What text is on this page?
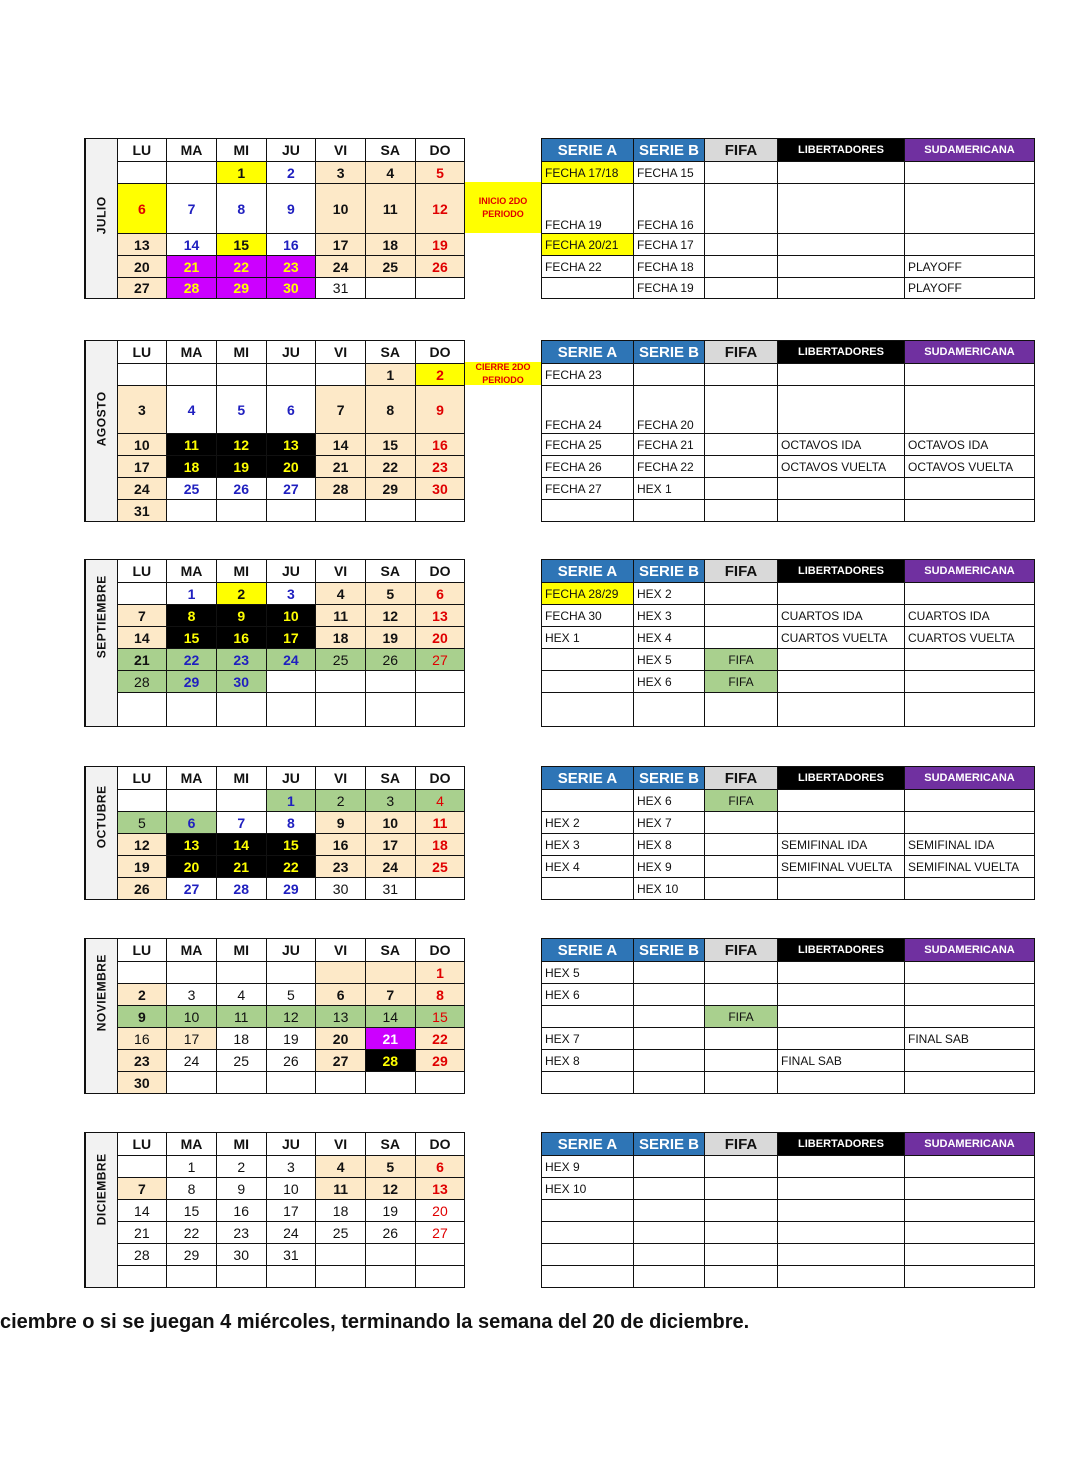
JULIO	LU	MA	MI	JU	VI	SA	DO
			1	2	3	4	5
	6	7	8	9	10	11	12
	13	14	15	16	17	18	19
	20	21	22	23	24	25	26
	27	28	29	30	31		
INICIO 2DO PERIODO
SERIE A	SERIE B	FIFA	LIBERTADORES	SUDAMERICANA
FECHA 17/18	FECHA 15			
FECHA 19	FECHA 16			
FECHA 20/21	FECHA 17			
FECHA 22	FECHA 18			PLAYOFF
	FECHA 19			PLAYOFF
AGOSTO	LU	MA	MI	JU	VI	SA	DO
						1	2
	3	4	5	6	7	8	9
	10	11	12	13	14	15	16
	17	18	19	20	21	22	23
	24	25	26	27	28	29	30
	31						
CIERRE 2DO PERIODO
SERIE A	SERIE B	FIFA	LIBERTADORES	SUDAMERICANA
FECHA 23				
FECHA 24	FECHA 20			
FECHA 25	FECHA 21		OCTAVOS IDA	OCTAVOS IDA
FECHA 26	FECHA 22		OCTAVOS VUELTA	OCTAVOS VUELTA
FECHA 27	HEX 1			

SEPTIEMBRE	LU	MA	MI	JU	VI	SA	DO
		1	2	3	4	5	6
	7	8	9	10	11	12	13
	14	15	16	17	18	19	20
	21	22	23	24	25	26	27
	28	29	30				

SERIE A	SERIE B	FIFA	LIBERTADORES	SUDAMERICANA
FECHA 28/29	HEX 2			
FECHA 30	HEX 3		CUARTOS IDA	CUARTOS IDA
HEX 1	HEX 4		CUARTOS VUELTA	CUARTOS VUELTA
	HEX 5	FIFA		
	HEX 6	FIFA		

OCTUBRE	LU	MA	MI	JU	VI	SA	DO
				1	2	3	4
	5	6	7	8	9	10	11
	12	13	14	15	16	17	18
	19	20	21	22	23	24	25
	26	27	28	29	30	31	
SERIE A	SERIE B	FIFA	LIBERTADORES	SUDAMERICANA
	HEX 6	FIFA		
HEX 2	HEX 7			
HEX 3	HEX 8		SEMIFINAL IDA	SEMIFINAL IDA
HEX 4	HEX 9		SEMIFINAL VUELTA	SEMIFINAL VUELTA
	HEX 10			
NOVIEMBRE	LU	MA	MI	JU	VI	SA	DO
							1
	2	3	4	5	6	7	8
	9	10	11	12	13	14	15
	16	17	18	19	20	21	22
	23	24	25	26	27	28	29
	30						
SERIE A	SERIE B	FIFA	LIBERTADORES	SUDAMERICANA
HEX 5				
HEX 6				
		FIFA		
HEX 7				FINAL SAB
HEX 8			FINAL SAB	

DICIEMBRE	LU	MA	MI	JU	VI	SA	DO
		1	2	3	4	5	6
	7	8	9	10	11	12	13
	14	15	16	17	18	19	20
	21	22	23	24	25	26	27
	28	29	30	31			

SERIE A	SERIE B	FIFA	LIBERTADORES	SUDAMERICANA
HEX 9				
HEX 10				

ciembre o si se juegan 4 miércoles, terminando la semana del 20 de diciembre.
